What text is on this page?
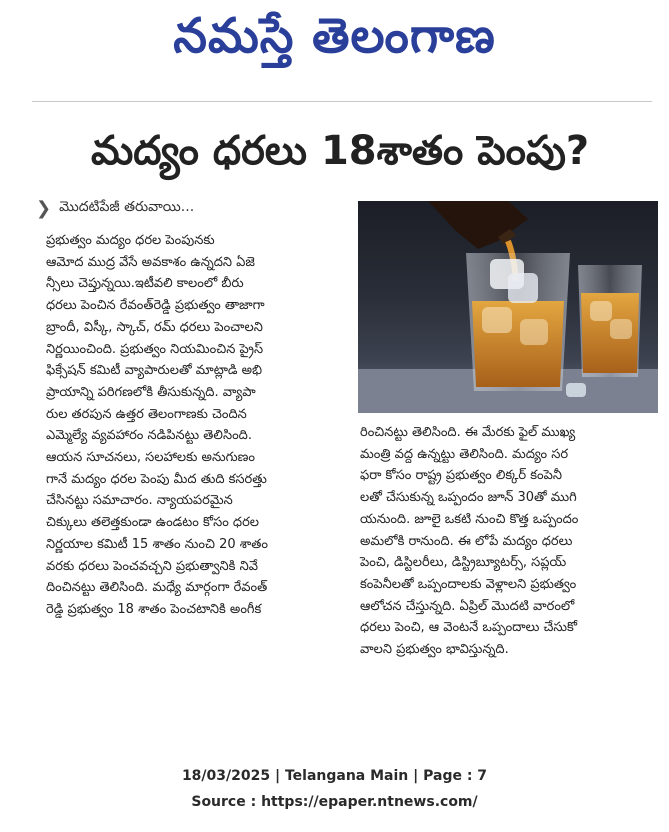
నమస్తే తెలంగాణ
మద్యం ధరలు 18శాతం పెంపు?
❯ మొదటిపేజీ తరువాయి...

ప్రభుత్వం మద్యం ధరల పెంపునకు
ఆమోద ముద్ర వేసే అవకాశం ఉన్నదని ఏజె
న్సీలు చెప్తున్నయి.ఇటీవలి కాలంలో బీరు
ధరలు పెంచిన రేవంత్‌రెడ్డి ప్రభుత్వం తాజాగా
బ్రాందీ, విస్కీ, స్కాచ్, రమ్ ధరలు పెంచాలని
నిర్ణయించింది. ప్రభుత్వం నియమించిన ప్రైస్
ఫిక్సేషన్ కమిటీ వ్యాపారులతో మాట్లాడి అభి
ప్రాయాన్ని పరిగణలోకి తీసుకున్నది. వ్యాపా
రుల తరపున ఉత్తర తెలంగాణకు చెందిన
ఎమ్మెల్యే వ్యవహారం నడిపినట్టు తెలిసింది.
ఆయన సూచనలు, సలహాలకు అనుగుణం
గానే మద్యం ధరల పెంపు మీద తుది కసరత్తు
చేసినట్టు సమాచారం. న్యాయపరమైన
చిక్కులు తలెత్తకుండా ఉండటం కోసం ధరల
నిర్ణయాల కమిటీ 15 శాతం నుంచి 20 శాతం
వరకు ధరలు పెంచవచ్చని ప్రభుత్వానికి నివే
దించినట్టు తెలిసింది. మధ్యే మార్గంగా రేవంత్
రెడ్డి ప్రభుత్వం 18 శాతం పెంచటానికి అంగీక

రించినట్టు తెలిసింది. ఈ మేరకు ఫైల్ ముఖ్య
మంత్రి వద్ద ఉన్నట్టు తెలిసింది. మద్యం సర
ఫరా కోసం రాష్ట్ర ప్రభుత్వం లిక్కర్ కంపెనీ
లతో చేసుకున్న ఒప్పందం జూన్ 30తో ముగి
యనుంది. జూలై ఒకటి నుంచి కొత్త ఒప్పందం
అమలోకి రానుంది. ఈ లోపే మద్యం ధరలు
పెంచి, డిస్టిలరీలు, డిస్ట్రిబ్యూటర్స్, సప్లయ్
కంపెనీలతో ఒప్పందాలకు వెళ్లాలని ప్రభుత్వం
ఆలోచన చేస్తున్నది. ఏప్రిల్ మొదటి వారంలో
ధరలు పెంచి, ఆ వెంటనే ఒప్పందాలు చేసుకో
వాలని ప్రభుత్వం భావిస్తున్నది.

18/03/2025 | Telangana Main | Page : 7
Source : https://epaper.ntnews.com/
